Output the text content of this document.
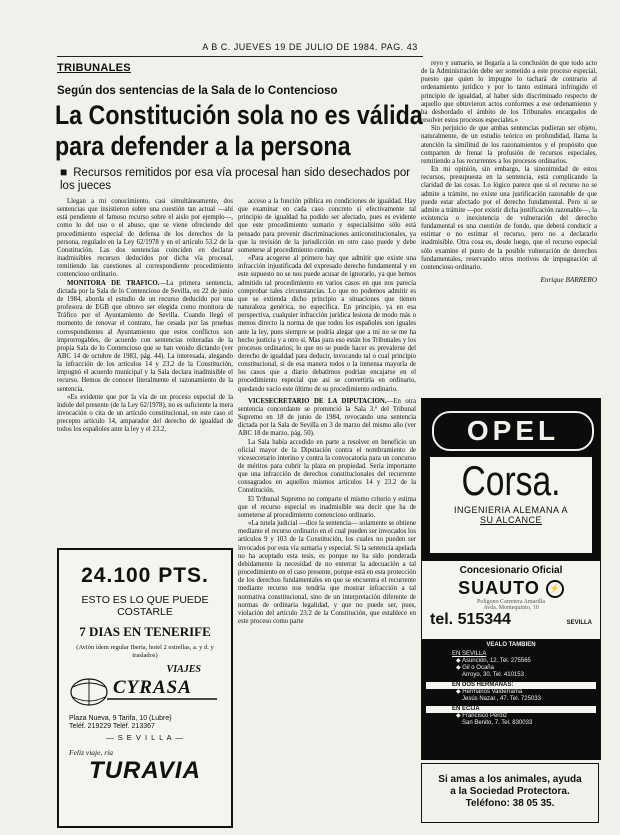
A B C. JUEVES 19 DE JULIO DE 1984. PAG. 43
TRIBUNALES
Según dos sentencias de la Sala de lo Contencioso
La Constitución sola no es válida
para defender a la persona
■ Recursos remitidos por esa vía procesal han sido desechados por los jueces

Llegan a mi conocimiento, casi simultáneamente, dos sentencias que insistieron sobre una cuestión tan actual —ahí está pendiente el famoso recurso sobre el aislo por ejemplo—, como lo del uso o el abuso, que se viene ofreciendo del procedimiento especial de defensa de los derechos de la persona, regulado en la Ley 62/1978 y en el artículo 53.2 de la Constitución. Las dos sentencias coinciden en declarar inadmisibles recursos deducidos por dicha vía procesal, remitiendo las cuestiones al correspondiente procedimiento contencioso ordinario.

MONITORA DE TRAFICO.—La primera sentencia, dictada por la Sala de lo Contencioso de Sevilla, en 22 de junio de 1984, aborda el estudio de un recurso deducido por una profesora de EGB que obtuvo ser elegida como monitora de Tráfico por el Ayuntamiento de Sevilla. Cuando llegó el momento de renovar el contrato, fue cesada por las pruebas correspondientes al Ayuntamiento que estos conflictos son improrrogables, de acuerdo con sentencias reiteradas de la propia Sala de lo Contencioso que se han venido dictando (ver ABC 14 de octubre de 1983, pág. 44). La interesada, alegando la infracción de los artículos 14 y 23.2 de la Constitución, impugnó el acuerdo municipal y la Sala declara inadmisible el recurso. Hemos de conocer literalmente el razonamiento de la sentencia.

«Es evidente que por la vía de un proceso especial de la índole del presente (de la Ley 62/1978), no es suficiente la mera invocación o cita de un artículo constitucional, en este caso el precepto artículo 14, amparador del derecho de igualdad de todos los españoles ante la ley y el 23.2,

acceso a la función pública en condiciones de igualdad. Hay que examinar en cada caso concreto si efectivamente tal principio de igualdad ha podido ser afectado, pues es evidente que este procedimiento sumario y especialísimo sólo está pensado para prevenir discriminaciones anticonstitucionales, ya que la revisión de la jurisdicción en otro caso puede y debe someterse al procedimiento común.

«Para acogerse al primero hay que admitir que existe una infracción injustificada del expresado derecho fundamental y en este supuesto no se nos puede acusar de ignorarlo, ya que hemos admitido tal procedimiento en varios casos en que nos parecía comprobar tales circunstancias. Lo que no podemos admitir es que se extienda dicho principio a situaciones que tienen naturaleza genérica, no específica. En principio, ya en esa perspectiva, cualquier infracción jurídica lesiona de modo más o menos directo la norma de que todos los españoles son iguales ante la ley, pues siempre se podría alegar que a mí no se me ha hecho justicia y a otro sí. Mas para eso están los Tribunales y los procesos ordinarios; lo que no se puede hacer es prevalerse del derecho de igualdad para deducir, invocando tal o cual principio constitucional, si de esa manera todos o la inmensa mayoría de los casos que a diario debatimos podrían encajarse en el procedimiento especial que así se convertiría en ordinario, quedando vacío este último de su procedimiento ordinario.

VICESECRETARIO DE LA DIPUTACION.—En otra sentencia concordante se pronunció la Sala 3.ª del Tribunal Supremo en 18 de junio de 1984, revocando una sentencia dictada por la Sala de Sevilla en 3 de marzo del mismo año (ver ABC 18 de marzo, pág. 50).

La Sala había accedido en parte a resolver en beneficio un oficial mayor de la Diputación contra el nombramiento de vicesecretario interino y contra la convocatoria para un concurso de méritos para cubrir la plaza en propiedad. Sería importante que una infracción de derechos constitucionales del recurrente consagrados en aquellos mismos artículos 14 y 23.2 de la Constitución.

El Tribunal Supremo no comparte el mismo criterio y estima que el recurso especial es inadmisible sea decir que ha de someterse al procedimiento contencioso ordinario.

«La tutela judicial —dice la sentencia— solamente se obtiene mediante el recurso ordinario en el cual pueden ser invocados los artículos 9 y 103 de la Constitución, los cuales no pueden ser invocados por esta vía sumaria y especial. Si la sentencia apelada no ha aceptado esta tesis, es porque no ha sido ponderada debidamente la necesidad de no enterrar la adecuación a tal procedimiento en el caso presente, porque está en esta protección de los derechos fundamentales en que se encuentra el recurrente mediante recurso nos tendría que mostrar infracción a tal normativa constitucional, sino de un interpretación diferente de normas de ordinaria legalidad, y que no puede ser, pues, violación del artículo 23.2 de la Constitución, que establece en este proceso como parte

reyo y sumario, se llegaría a la conclusión de que todo acto de la Administración debe ser sometido a este proceso especial, puesto que quien lo impugne lo tachará de contrario al ordenamiento jurídico y por lo tanto estimará infringido el principio de igualdad, al haber sido discriminado respecto de aquello que obtuvieron actos conformes a ese ordenamiento y ha desbordado el ámbito de los Tribunales encargados de resolver estos procesos especiales.»

Sin perjuicio de que ambas sentencias pudieran ser objeto, naturalmente, de un estudio teórico en profundidad, llama la atención la similitud de los razonamientos y el propósito que comparten de frenar la profusión de recursos especiales, remitiendo a los recurrentes a los procesos ordinarios.

En mi opinión, sin embargo, la sinonimidad de estos recursos, presupuesta en la sentencia, está complicando la claridad de las cosas. Lo lógico parece que si el recurso no se admite a trámite, no existe una justificación razonable de que puede estar afectado por el derecho fundamental. Pero si se admite a trámite —por existir dicha justificación razonable—, la existencia o inexistencia de vulneración del derecho fundamental es una cuestión de fondo, que deberá conducir a estimar o no estimar el recurso, pero no a declararlo inadmisible. Otra cosa es, desde luego, que el recurso especial sólo examine el punto de la posible vulneración de derechos fundamentales, reservando otros motivos de impugnación al contencioso ordinario.

Enrique BARRERO

24.100 PTS.
ESTO ES LO QUE PUEDE
COSTARLE
7 DIAS EN TENERIFE
(Avión ídem regular Iberia, hotel 2 estrellas, a. y d. y traslados)
VIAJES
CYRASA
Plaza Nueva, 9 Tarifa, 10 (Lubre)
Teléf. 219229 Teléf. 213367
— S E V I L L A —
Feliz viaje, ría
TURAVIA
OPEL
Corsa.
INGENIERIA ALEMANA A
SU ALCANCE
Concesionario Oficial
SUAUTO	⚡
Polígono Carretera Amarilla
Avda. Montequinto, 10
tel. 515344	SEVILLA
VEALO TAMBIEN
EN SEVILLA
◆ Asunción, 12. Tel. 275565
◆ Gil o Ocaña
Arroyo, 30. Tel. 410153
EN DOS HERMANAS:
◆ Hermanos Valderrama
Jesús Nazar., 47. Tel. 725033
EN ECIJA
◆ Francisco Perdiz
San Benito, 7. Tel. 830033
Si amas a los animales, ayuda
a la Sociedad Protectora.
Teléfono: 38 05 35.
